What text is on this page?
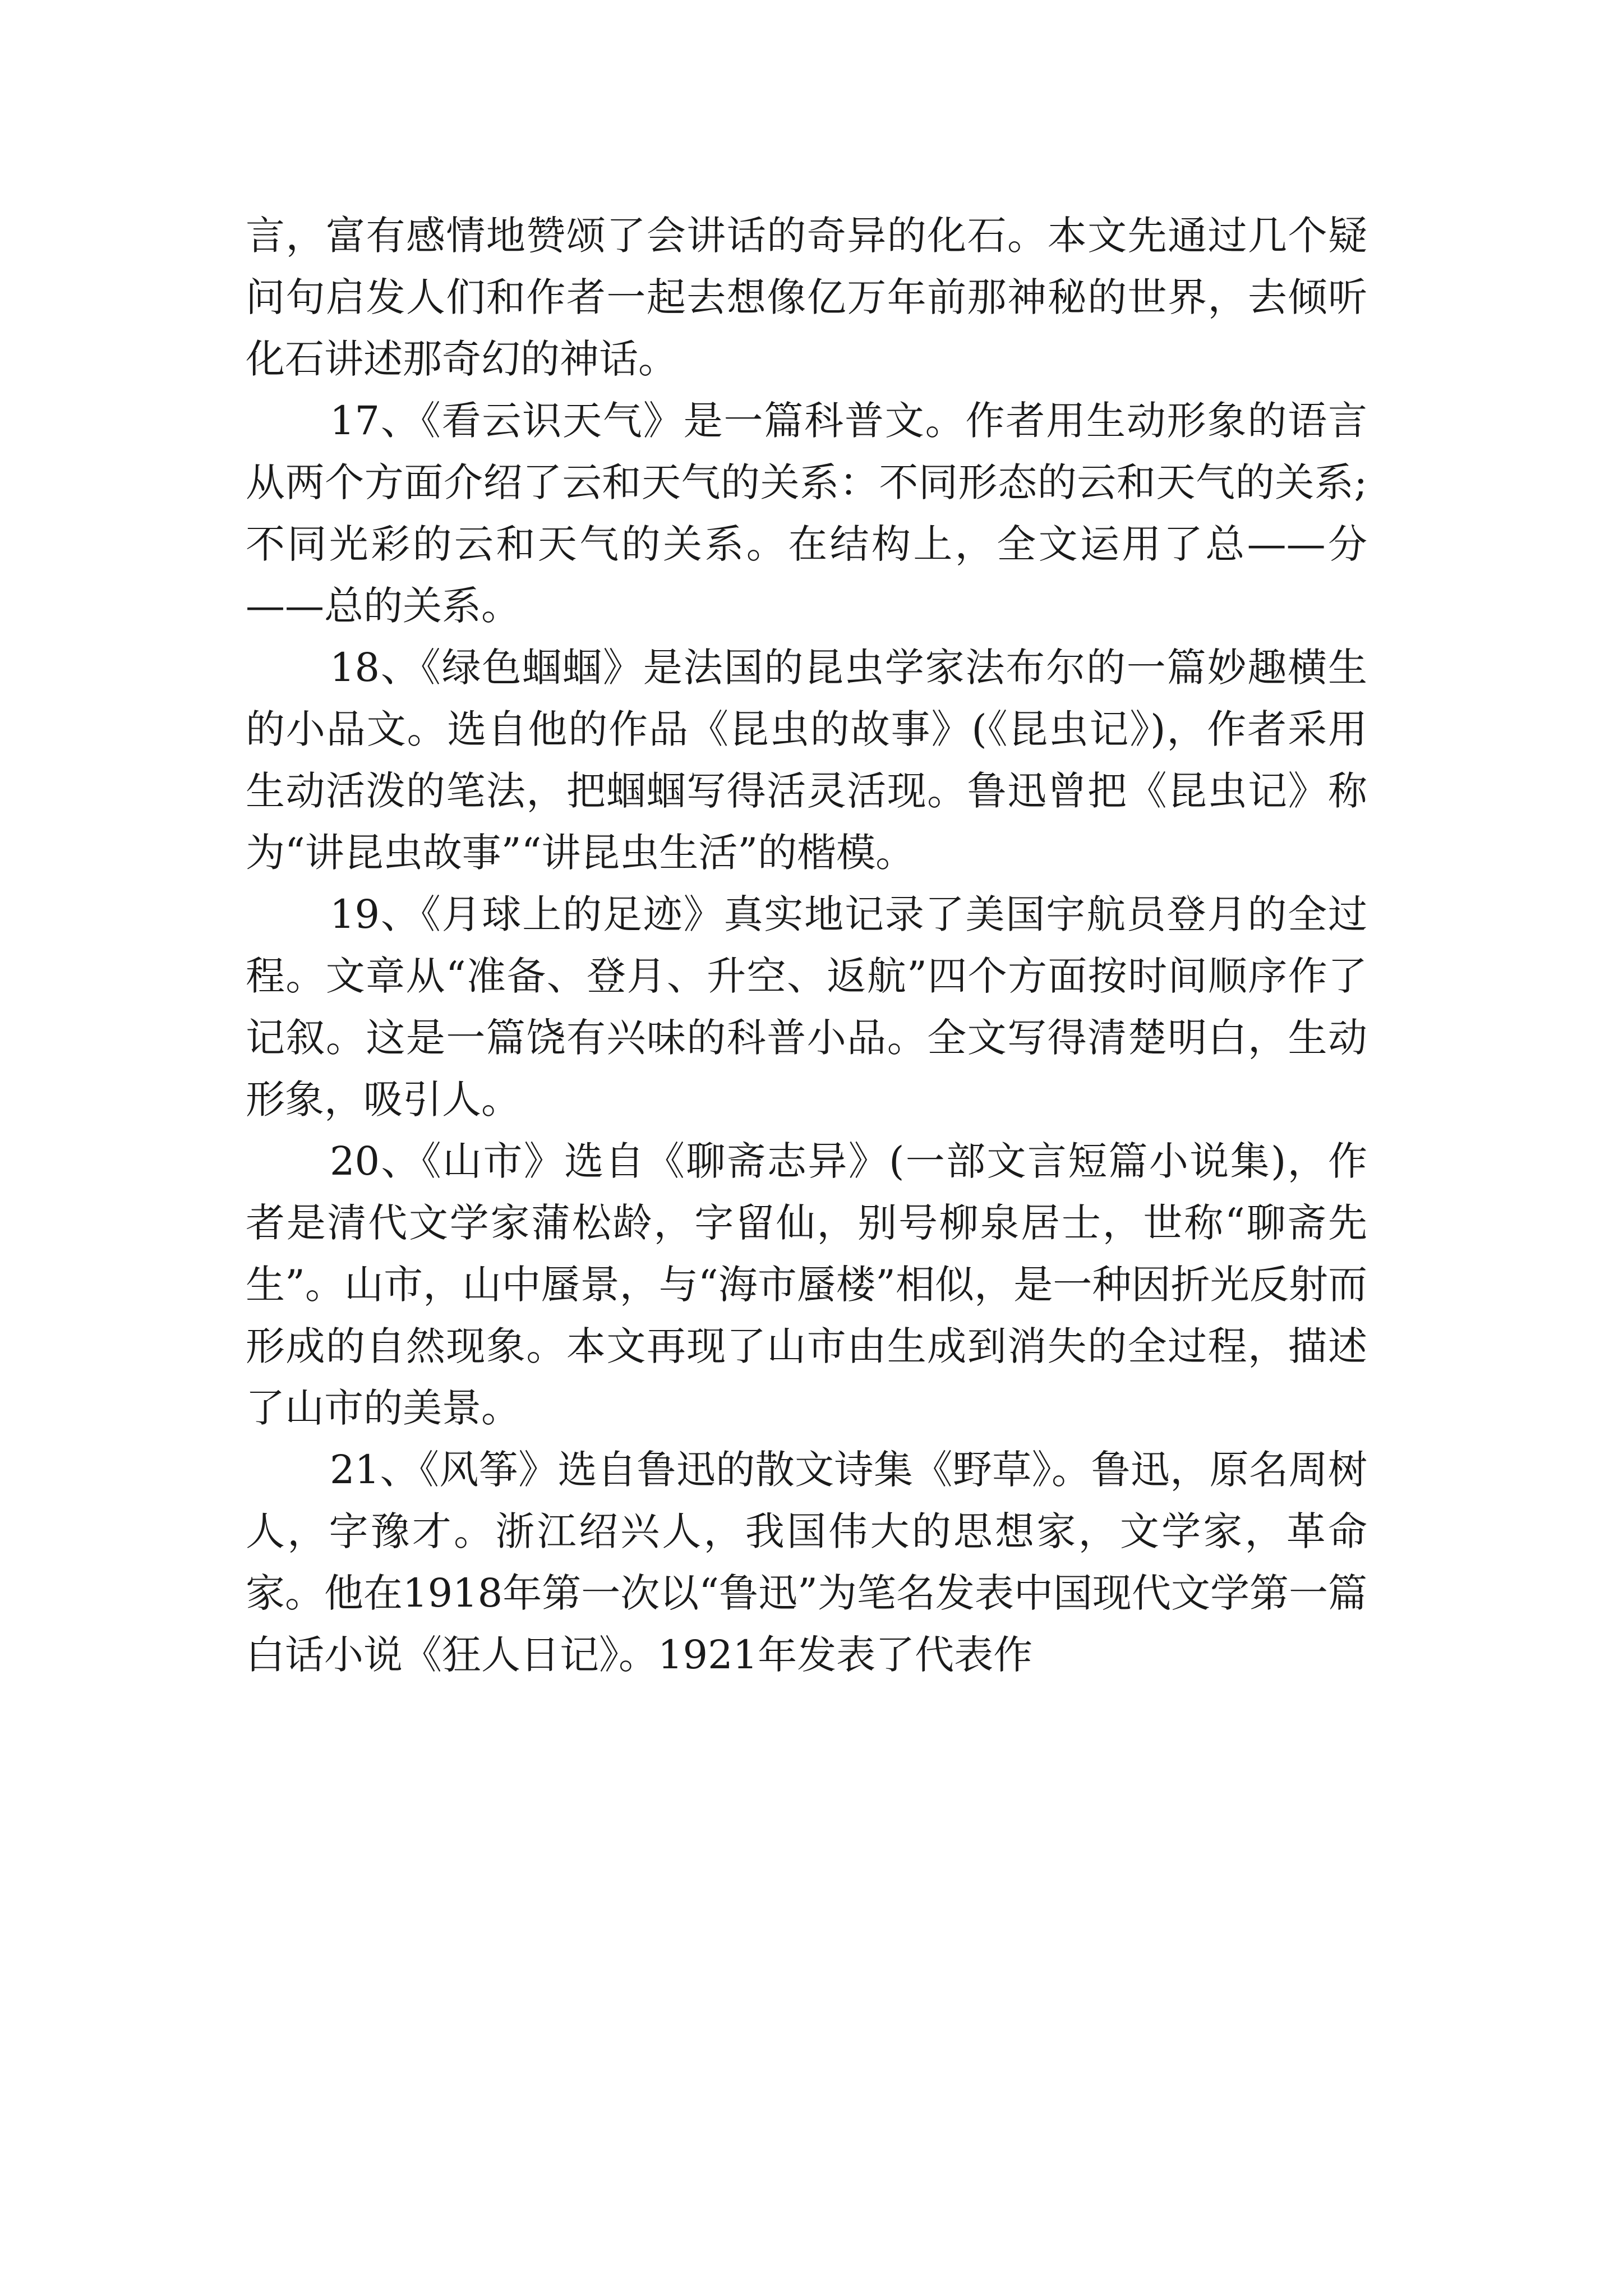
言，富有感情地赞颂了会讲话的奇异的化石。本文先通过几个疑问句启发人们和作者一起去想像亿万年前那神秘的世界，去倾听化石讲述那奇幻的神话。

17、《看云识天气》是一篇科普文。作者用生动形象的语言从两个方面介绍了云和天气的关系：不同形态的云和天气的关系;不同光彩的云和天气的关系。在结构上，全文运用了总——分——总的关系。

18、《绿色蝈蝈》是法国的昆虫学家法布尔的一篇妙趣横生的小品文。选自他的作品《昆虫的故事》(《昆虫记》)，作者采用生动活泼的笔法，把蝈蝈写得活灵活现。鲁迅曾把《昆虫记》称为“讲昆虫故事”“讲昆虫生活”的楷模。

19、《月球上的足迹》真实地记录了美国宇航员登月的全过程。文章从“准备、登月、升空、返航”四个方面按时间顺序作了记叙。这是一篇饶有兴味的科普小品。全文写得清楚明白，生动形象，吸引人。

20、《山市》选自《聊斋志异》(一部文言短篇小说集)，作者是清代文学家蒲松龄，字留仙，别号柳泉居士，世称“聊斋先生”。山市，山中蜃景，与“海市蜃楼”相似，是一种因折光反射而形成的自然现象。本文再现了山市由生成到消失的全过程，描述了山市的美景。

21、《风筝》选自鲁迅的散文诗集《野草》。鲁迅，原名周树人，字豫才。浙江绍兴人，我国伟大的思想家，文学家，革命家。他在1918年第一次以“鲁迅”为笔名发表中国现代文学第一篇白话小说《狂人日记》。1921年发表了代表作
